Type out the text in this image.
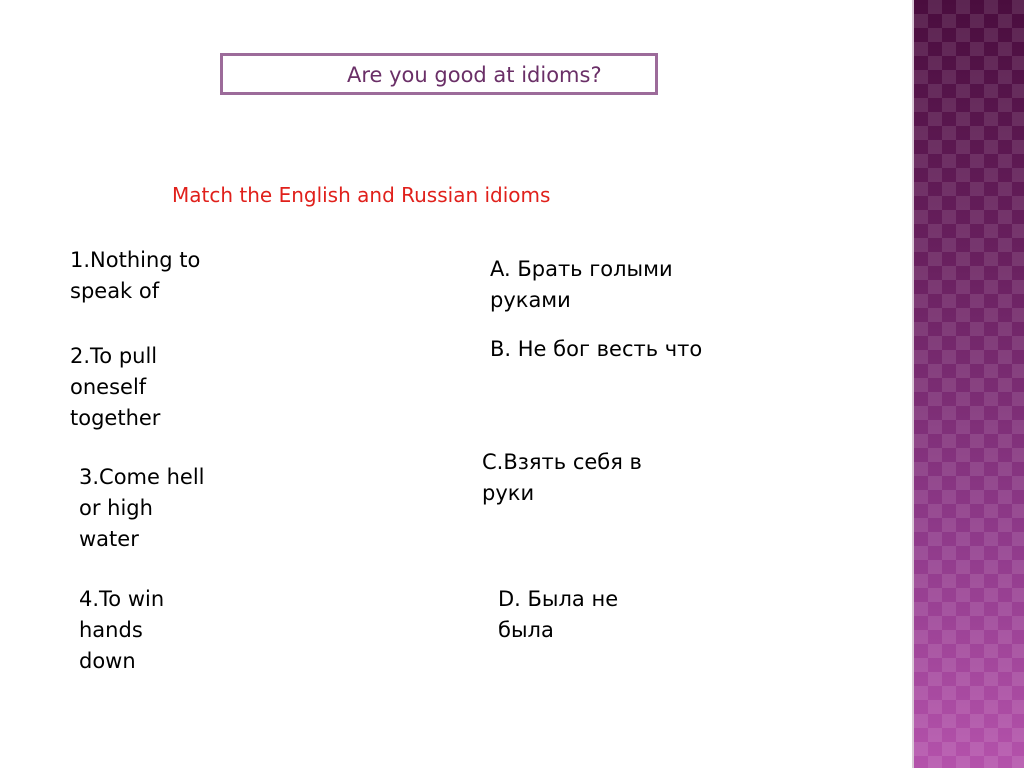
Are you good at idioms?
Match the English and Russian idioms
1.Nothing to speak of
2.To pull oneself together
3.Come hell or high water
4.To win hands down
A. Брать голыми руками
B. Не бог весть что
C.Взять себя в руки
D. Была не была
